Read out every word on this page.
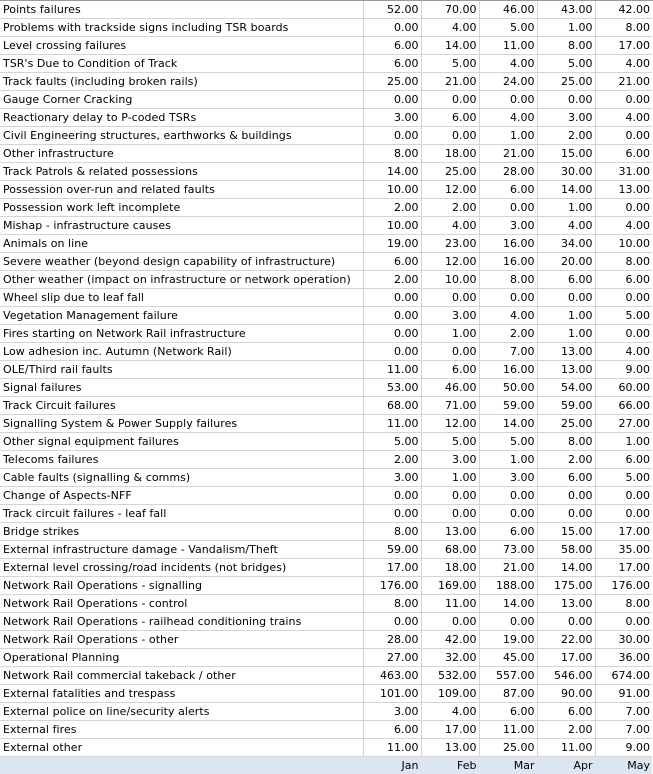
Points failures	52.00	70.00	46.00	43.00	42.00
Problems with trackside signs including TSR boards	0.00	4.00	5.00	1.00	8.00
Level crossing failures	6.00	14.00	11.00	8.00	17.00
TSR's Due to Condition of Track	6.00	5.00	4.00	5.00	4.00
Track faults (including broken rails)	25.00	21.00	24.00	25.00	21.00
Gauge Corner Cracking	0.00	0.00	0.00	0.00	0.00
Reactionary delay to P-coded TSRs	3.00	6.00	4.00	3.00	4.00
Civil Engineering structures, earthworks & buildings	0.00	0.00	1.00	2.00	0.00
Other infrastructure	8.00	18.00	21.00	15.00	6.00
Track Patrols & related possessions	14.00	25.00	28.00	30.00	31.00
Possession over-run and related faults	10.00	12.00	6.00	14.00	13.00
Possession work left incomplete	2.00	2.00	0.00	1.00	0.00
Mishap - infrastructure causes	10.00	4.00	3.00	4.00	4.00
Animals on line	19.00	23.00	16.00	34.00	10.00
Severe weather (beyond design capability of infrastructure)	6.00	12.00	16.00	20.00	8.00
Other weather (impact on infrastructure or network operation)	2.00	10.00	8.00	6.00	6.00
Wheel slip due to leaf fall	0.00	0.00	0.00	0.00	0.00
Vegetation Management failure	0.00	3.00	4.00	1.00	5.00
Fires starting on Network Rail infrastructure	0.00	1.00	2.00	1.00	0.00
Low adhesion inc. Autumn (Network Rail)	0.00	0.00	7.00	13.00	4.00
OLE/Third rail faults	11.00	6.00	16.00	13.00	9.00
Signal failures	53.00	46.00	50.00	54.00	60.00
Track Circuit failures	68.00	71.00	59.00	59.00	66.00
Signalling System & Power Supply failures	11.00	12.00	14.00	25.00	27.00
Other signal equipment failures	5.00	5.00	5.00	8.00	1.00
Telecoms failures	2.00	3.00	1.00	2.00	6.00
Cable faults (signalling & comms)	3.00	1.00	3.00	6.00	5.00
Change of Aspects-NFF	0.00	0.00	0.00	0.00	0.00
Track circuit failures - leaf fall	0.00	0.00	0.00	0.00	0.00
Bridge strikes	8.00	13.00	6.00	15.00	17.00
External infrastructure damage - Vandalism/Theft	59.00	68.00	73.00	58.00	35.00
External level crossing/road incidents (not bridges)	17.00	18.00	21.00	14.00	17.00
Network Rail Operations - signalling	176.00	169.00	188.00	175.00	176.00
Network Rail Operations - control	8.00	11.00	14.00	13.00	8.00
Network Rail Operations - railhead conditioning trains	0.00	0.00	0.00	0.00	0.00
Network Rail Operations - other	28.00	42.00	19.00	22.00	30.00
Operational Planning	27.00	32.00	45.00	17.00	36.00
Network Rail commercial takeback / other	463.00	532.00	557.00	546.00	674.00
External fatalities and trespass	101.00	109.00	87.00	90.00	91.00
External police on line/security alerts	3.00	4.00	6.00	6.00	7.00
External fires	6.00	17.00	11.00	2.00	7.00
External other	11.00	13.00	25.00	11.00	9.00
	Jan	Feb	Mar	Apr	May
